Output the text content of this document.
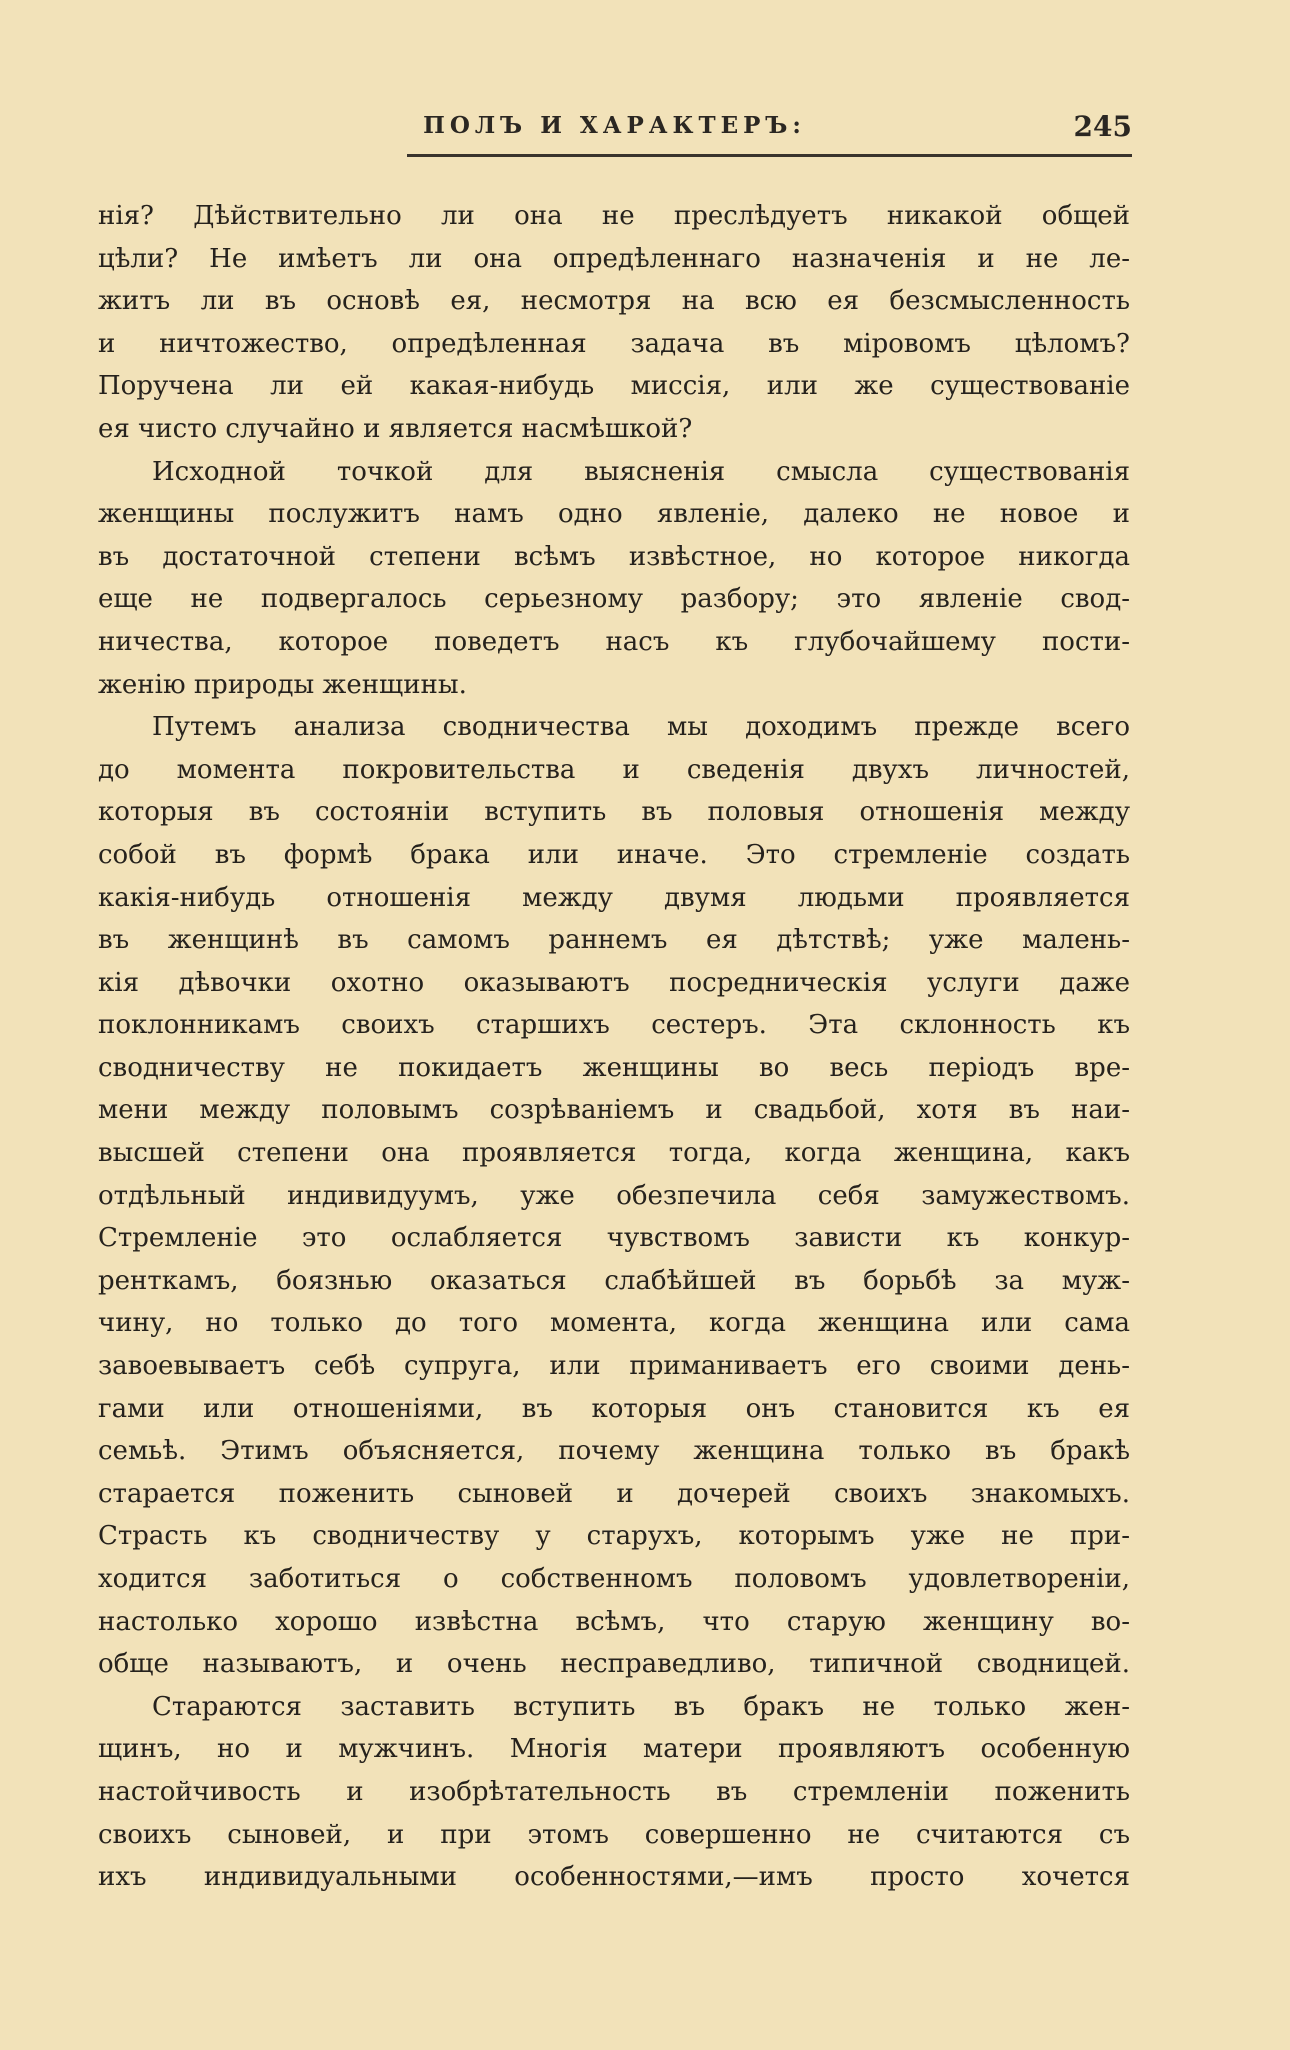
ПОЛЪ И ХАРАКТЕРЪ:	245
нія? Дѣйствительно ли она не преслѣдуетъ никакой общей
цѣли? Не имѣетъ ли она опредѣленнаго назначенія и не ле-
житъ ли въ основѣ ея, несмотря на всю ея безсмысленность
и ничтожество, опредѣленная задача въ міровомъ цѣломъ?
Поручена ли ей какая-нибудь миссія, или же существованіе
ея чисто случайно и является насмѣшкой?
Исходной точкой для выясненія смысла существованія
женщины послужитъ намъ одно явленіе, далеко не новое и
въ достаточной степени всѣмъ извѣстное, но которое никогда
еще не подвергалось серьезному разбору; это явленіе свод-
ничества, которое поведетъ насъ къ глубочайшему пости-
женію природы женщины.
Путемъ анализа сводничества мы доходимъ прежде всего
до момента покровительства и сведенія двухъ личностей,
которыя въ состояніи вступить въ половыя отношенія между
собой въ формѣ брака или иначе. Это стремленіе создать
какія-нибудь отношенія между двумя людьми проявляется
въ женщинѣ въ самомъ раннемъ ея дѣтствѣ; уже малень-
кія дѣвочки охотно оказываютъ посредническія услуги даже
поклонникамъ своихъ старшихъ сестеръ. Эта склонность къ
сводничеству не покидаетъ женщины во весь періодъ вре-
мени между половымъ созрѣваніемъ и свадьбой, хотя въ наи-
высшей степени она проявляется тогда, когда женщина, какъ
отдѣльный индивидуумъ, уже обезпечила себя замужествомъ.
Стремленіе это ослабляется чувствомъ зависти къ конкур-
ренткамъ, боязнью оказаться слабѣйшей въ борьбѣ за муж-
чину, но только до того момента, когда женщина или сама
завоевываетъ себѣ супруга, или приманиваетъ его своими день-
гами или отношеніями, въ которыя онъ становится къ ея
семьѣ. Этимъ объясняется, почему женщина только въ бракѣ
старается поженить сыновей и дочерей своихъ знакомыхъ.
Страсть къ сводничеству у старухъ, которымъ уже не при-
ходится заботиться о собственномъ половомъ удовлетвореніи,
настолько хорошо извѣстна всѣмъ, что старую женщину во-
обще называютъ, и очень несправедливо, типичной сводницей.
Стараются заставить вступить въ бракъ не только жен-
щинъ, но и мужчинъ. Многія матери проявляютъ особенную
настойчивость и изобрѣтательность въ стремленіи поженить
своихъ сыновей, и при этомъ совершенно не считаются съ
ихъ индивидуальными особенностями,—имъ просто хочется
